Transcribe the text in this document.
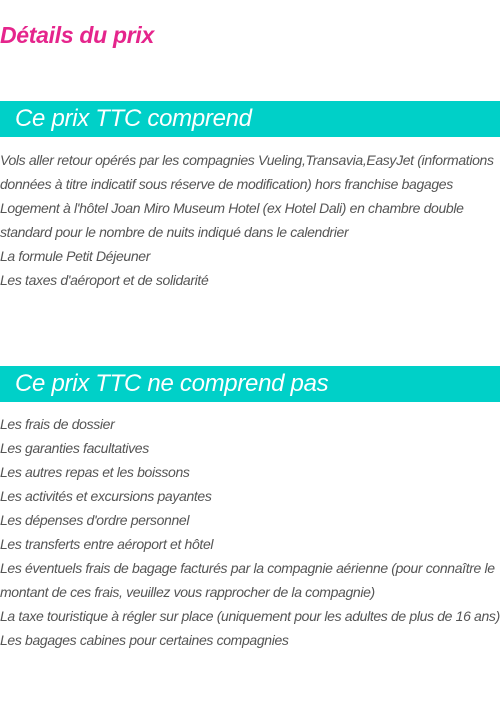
Détails du prix
Ce prix TTC comprend
Vols aller retour opérés par les compagnies Vueling,Transavia,EasyJet (informations données à titre indicatif sous réserve de modification) hors franchise bagages
Logement à l'hôtel Joan Miro Museum Hotel (ex Hotel Dali) en chambre double standard pour le nombre de nuits indiqué dans le calendrier
La formule Petit Déjeuner
Les taxes d'aéroport et de solidarité
Ce prix TTC ne comprend pas
Les frais de dossier
Les garanties facultatives
Les autres repas et les boissons
Les activités et excursions payantes
Les dépenses d'ordre personnel
Les transferts entre aéroport et hôtel
Les éventuels frais de bagage facturés par la compagnie aérienne (pour connaître le montant de ces frais, veuillez vous rapprocher de la compagnie)
La taxe touristique à régler sur place (uniquement pour les adultes de plus de 16 ans)
Les bagages cabines pour certaines compagnies
